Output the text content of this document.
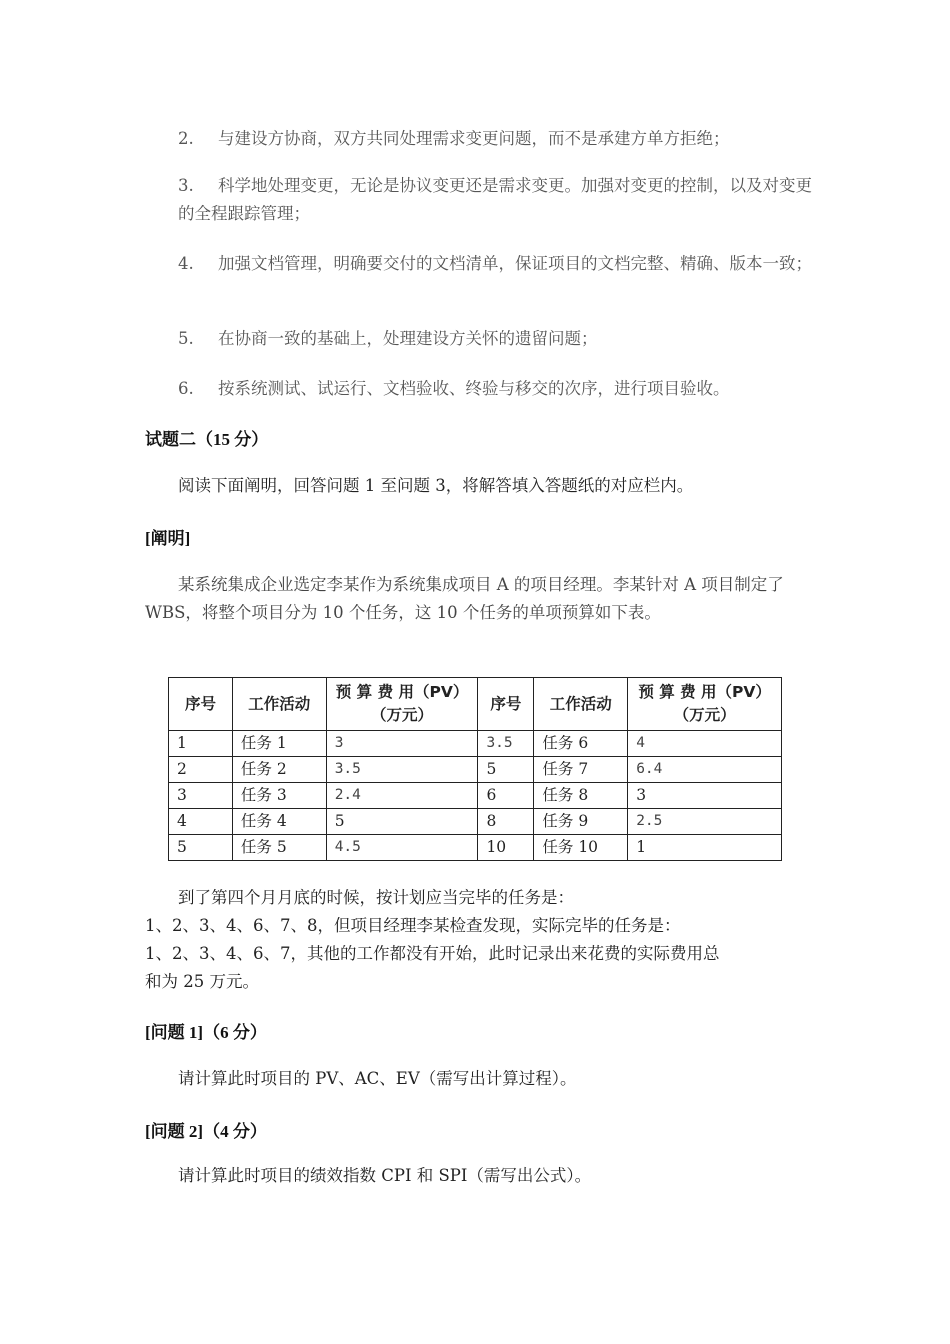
2. 与建设方协商，双方共同处理需求变更问题，而不是承建方单方拒绝；
3. 科学地处理变更，无论是协议变更还是需求变更。加强对变更的控制，以及对变更的全程跟踪管理；
4. 加强文档管理，明确要交付的文档清单，保证项目的文档完整、精确、版本一致；
5. 在协商一致的基础上，处理建设方关怀的遗留问题；
6. 按系统测试、试运行、文档验收、终验与移交的次序，进行项目验收。
试题二（15 分）
阅读下面阐明，回答问题 1 至问题 3，将解答填入答题纸的对应栏内。
[阐明]
某系统集成企业选定李某作为系统集成项目 A 的项目经理。李某针对 A 项目制定了WBS，将整个项目分为 10 个任务，这 10 个任务的单项预算如下表。
序号	工作活动	预 算 费 用（PV）（万元）	序号	工作活动	预 算 费 用（PV）（万元）
1	任务 1	3	3.5	任务 6	4
2	任务 2	3.5	5	任务 7	6.4
3	任务 3	2.4	6	任务 8	3
4	任务 4	5	8	任务 9	2.5
5	任务 5	4.5	10	任务 10	1
到了第四个月月底的时候，按计划应当完毕的任务是：
1、2、3、4、6、7、8，但项目经理李某检查发现，实际完毕的任务是：
1、2、3、4、6、7，其他的工作都没有开始，此时记录出来花费的实际费用总
和为 25 万元。
[问题 1]（6 分）
请计算此时项目的 PV、AC、EV（需写出计算过程）。
[问题 2]（4 分）
请计算此时项目的绩效指数 CPI 和 SPI（需写出公式）。
